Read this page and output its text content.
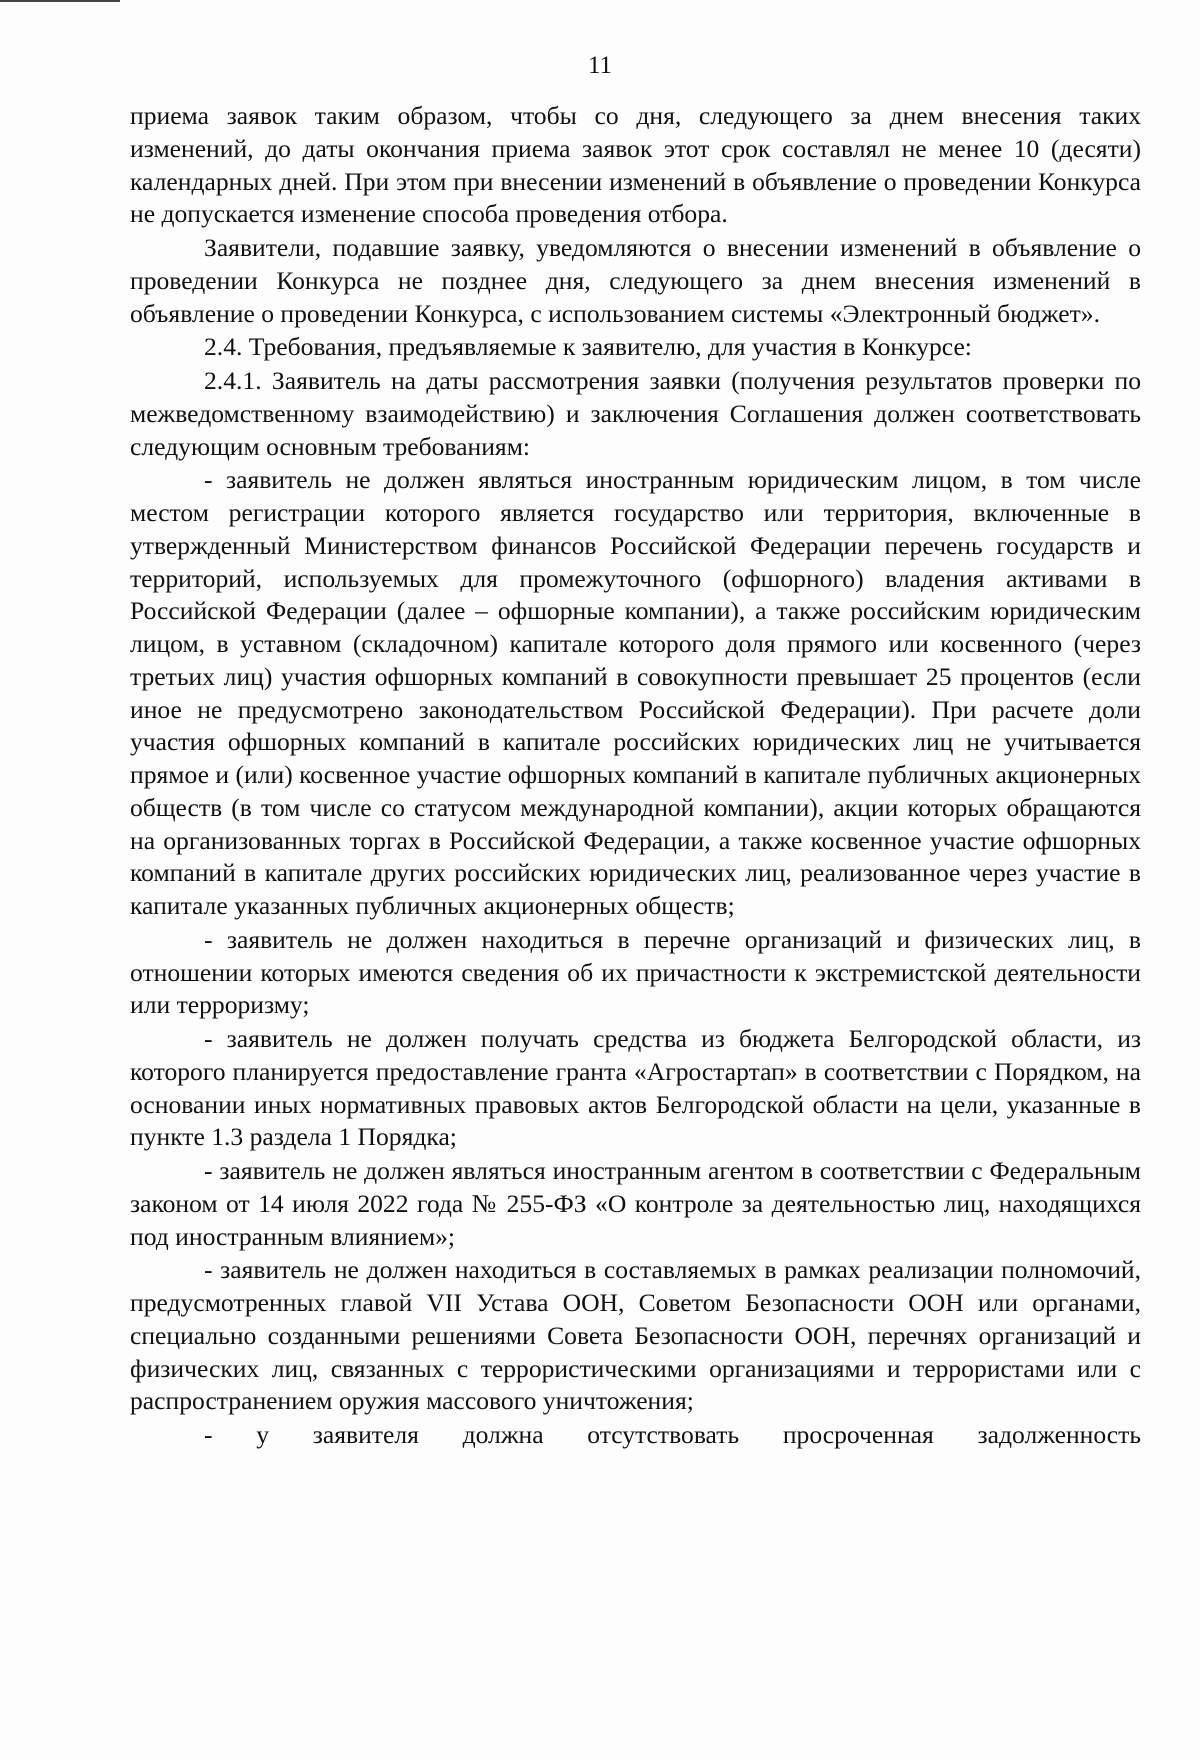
11

приема заявок таким образом, чтобы со дня, следующего за днем внесения таких изменений, до даты окончания приема заявок этот срок составлял не менее 10 (десяти) календарных дней. При этом при внесении изменений в объявление о проведении Конкурса не допускается изменение способа проведения отбора.

Заявители, подавшие заявку, уведомляются о внесении изменений в объявление о проведении Конкурса не позднее дня, следующего за днем внесения изменений в объявление о проведении Конкурса, с использованием системы «Электронный бюджет».

2.4. Требования, предъявляемые к заявителю, для участия в Конкурсе:

2.4.1. Заявитель на даты рассмотрения заявки (получения результатов проверки по межведомственному взаимодействию) и заключения Соглашения должен соответствовать следующим основным требованиям:

- заявитель не должен являться иностранным юридическим лицом, в том числе местом регистрации которого является государство или территория, включенные в утвержденный Министерством финансов Российской Федерации перечень государств и территорий, используемых для промежуточного (офшорного) владения активами в Российской Федерации (далее – офшорные компании), а также российским юридическим лицом, в уставном (складочном) капитале которого доля прямого или косвенного (через третьих лиц) участия офшорных компаний в совокупности превышает 25 процентов (если иное не предусмотрено законодательством Российской Федерации). При расчете доли участия офшорных компаний в капитале российских юридических лиц не учитывается прямое и (или) косвенное участие офшорных компаний в капитале публичных акционерных обществ (в том числе со статусом международной компании), акции которых обращаются на организованных торгах в Российской Федерации, а также косвенное участие офшорных компаний в капитале других российских юридических лиц, реализованное через участие в капитале указанных публичных акционерных обществ;

- заявитель не должен находиться в перечне организаций и физических лиц, в отношении которых имеются сведения об их причастности к экстремистской деятельности или терроризму;

- заявитель не должен получать средства из бюджета Белгородской области, из которого планируется предоставление гранта «Агростартап» в соответствии с Порядком, на основании иных нормативных правовых актов Белгородской области на цели, указанные в пункте 1.3 раздела 1 Порядка;

- заявитель не должен являться иностранным агентом в соответствии с Федеральным законом от 14 июля 2022 года № 255-ФЗ «О контроле за деятельностью лиц, находящихся под иностранным влиянием»;

- заявитель не должен находиться в составляемых в рамках реализации полномочий, предусмотренных главой VII Устава ООН, Советом Безопасности ООН или органами, специально созданными решениями Совета Безопасности ООН, перечнях организаций и физических лиц, связанных с террористическими организациями и террористами или с распространением оружия массового уничтожения;

- у заявителя должна отсутствовать просроченная задолженность
